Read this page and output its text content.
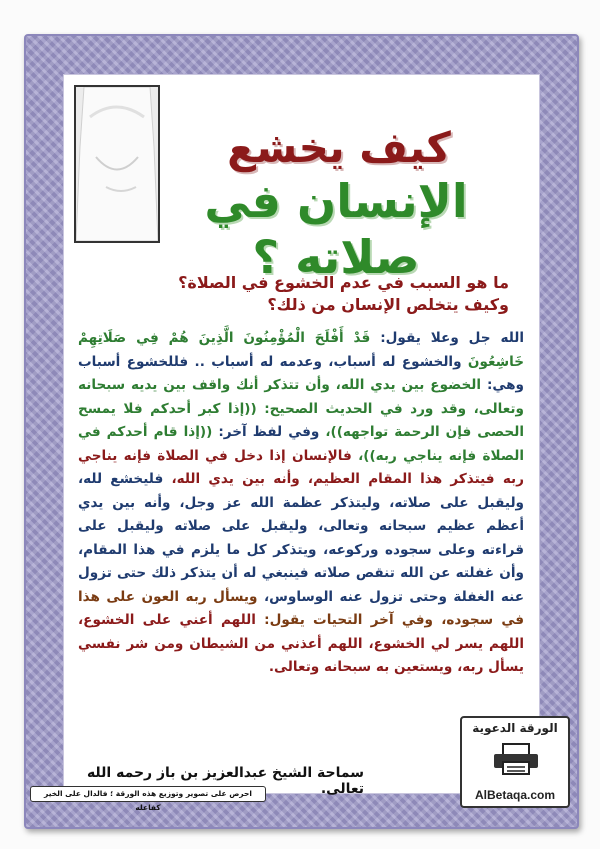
كيف يخشع
الإنسان في صلاته ؟
ما هو السبب في عدم الخشوع في الصلاة؟
وكيف يتخلص الإنسان من ذلك؟
الله جل وعلا يقول: قَدْ أَفْلَحَ الْمُؤْمِنُونَ الَّذِينَ هُمْ فِي صَلَاتِهِمْ خَاشِعُونَ والخشوع له أسباب، وعدمه له أسباب .. فللخشوع أسباب وهي: الخضوع بين يدي الله، وأن تتذكر أنك واقف بين يديه سبحانه وتعالى، وقد ورد في الحديث الصحيح: ((إذا كبر أحدكم فلا يمسح الحصى فإن الرحمة تواجهه))، وفي لفظ آخر: ((إذا قام أحدكم في الصلاة فإنه يناجي ربه))، فالإنسان إذا دخل في الصلاة فإنه يناجي ربه فيتذكر هذا المقام العظيم، وأنه بين يدي الله، فليخشع لله، وليقبل على صلاته، وليتذكر عظمة الله عز وجل، وأنه بين يدي أعظم عظيم سبحانه وتعالى، وليقبل على صلاته وليقبل على قراءته وعلى سجوده وركوعه، ويتذكر كل ما يلزم في هذا المقام، وأن غفلته عن الله تنقص صلاته فينبغي له أن يتذكر ذلك حتى تزول عنه الغفلة وحتى تزول عنه الوساوس، ويسأل ربه العون على هذا في سجوده، وفي آخر التحيات يقول: اللهم أعني على الخشوع، اللهم يسر لي الخشوع، اللهم أعذني من الشيطان ومن شر نفسي يسأل ربه، ويستعين به سبحانه وتعالى.
سماحة الشيخ عبدالعزيز بن باز رحمه الله تعالى.
الورقة الدعوية
AlBetaqa.com
احرص على تصوير وتوزيع هذه الورقة ؛ فالدال على الخير كفاعله
